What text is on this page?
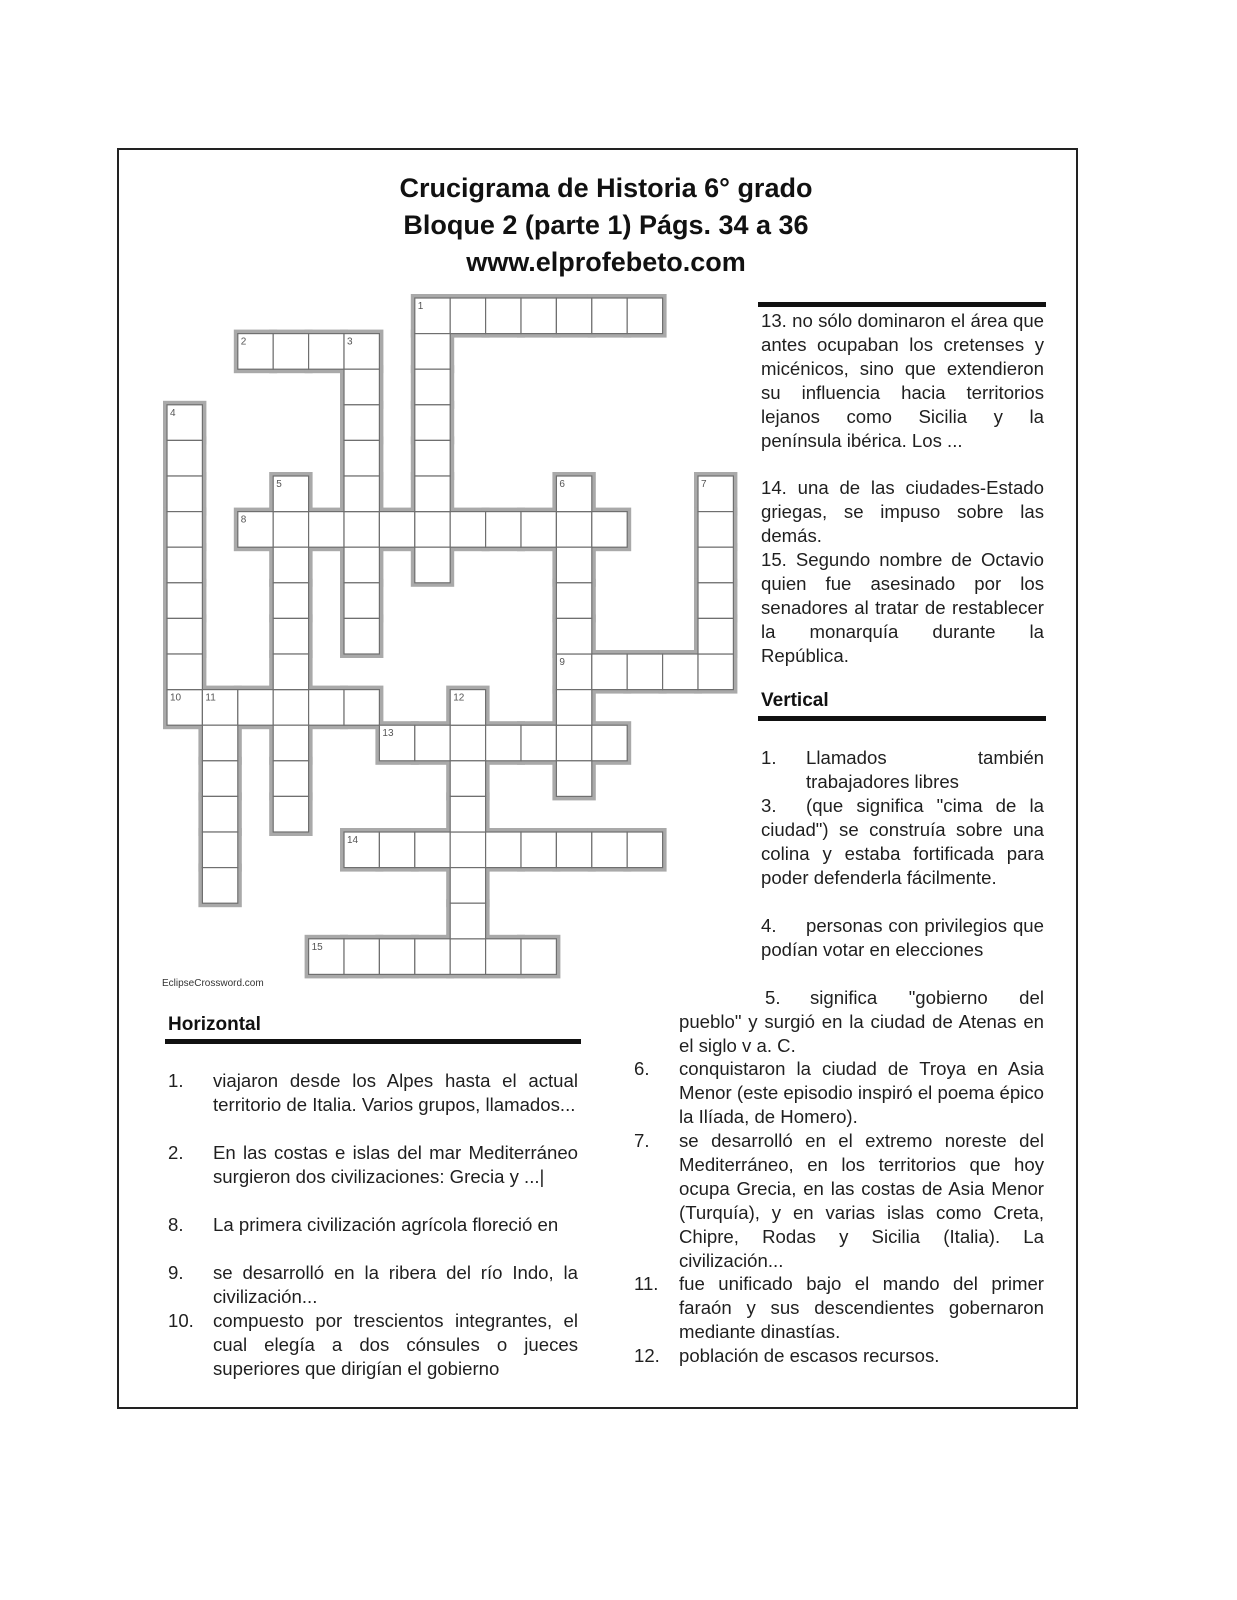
Crucigrama de Historia 6° grado
Bloque 2 (parte 1) Págs. 34 a 36
www.elprofebeto.com
1
2
8
9
10
13
14
15
3
4
5	6	7
11	12
EclipseCrossword.com
13. no sólo dominaron el área que antes ocupaban los cretenses y micénicos, sino que extendieron su influencia hacia territorios lejanos como Sicilia y la península ibérica. Los ...
14. una de las ciudades-Estado griegas, se impuso sobre las demás.
15. Segundo nombre de Octavio quien fue asesinado por los senadores al tratar de restablecer la monarquía durante la República.
Vertical
1. Llamados también trabajadores libres
3. (que significa "cima de la ciudad") se construía sobre una colina y estaba fortificada para poder defenderla fácilmente.
4. personas con privilegios que podían votar en elecciones
5. significa "gobierno del pueblo" y surgió en la ciudad de Atenas en el siglo v a. C.
6. conquistaron la ciudad de Troya en Asia Menor (este episodio inspiró el poema épico la Ilíada, de Homero).
7. se desarrolló en el extremo noreste del Mediterráneo, en los territorios que hoy ocupa Grecia, en las costas de Asia Menor (Turquía), y en varias islas como Creta, Chipre, Rodas y Sicilia (Italia). La civilización...
11. fue unificado bajo el mando del primer faraón y sus descendientes gobernaron mediante dinastías.
12. población de escasos recursos.
Horizontal
1. viajaron desde los Alpes hasta el actual territorio de Italia. Varios grupos, llamados...
2. En las costas e islas del mar Mediterráneo surgieron dos civilizaciones: Grecia y ...|
8. La primera civilización agrícola floreció en
9. se desarrolló en la ribera del río Indo, la civilización...
10. compuesto por trescientos integrantes, el cual elegía a dos cónsules o jueces superiores que dirigían el gobierno
